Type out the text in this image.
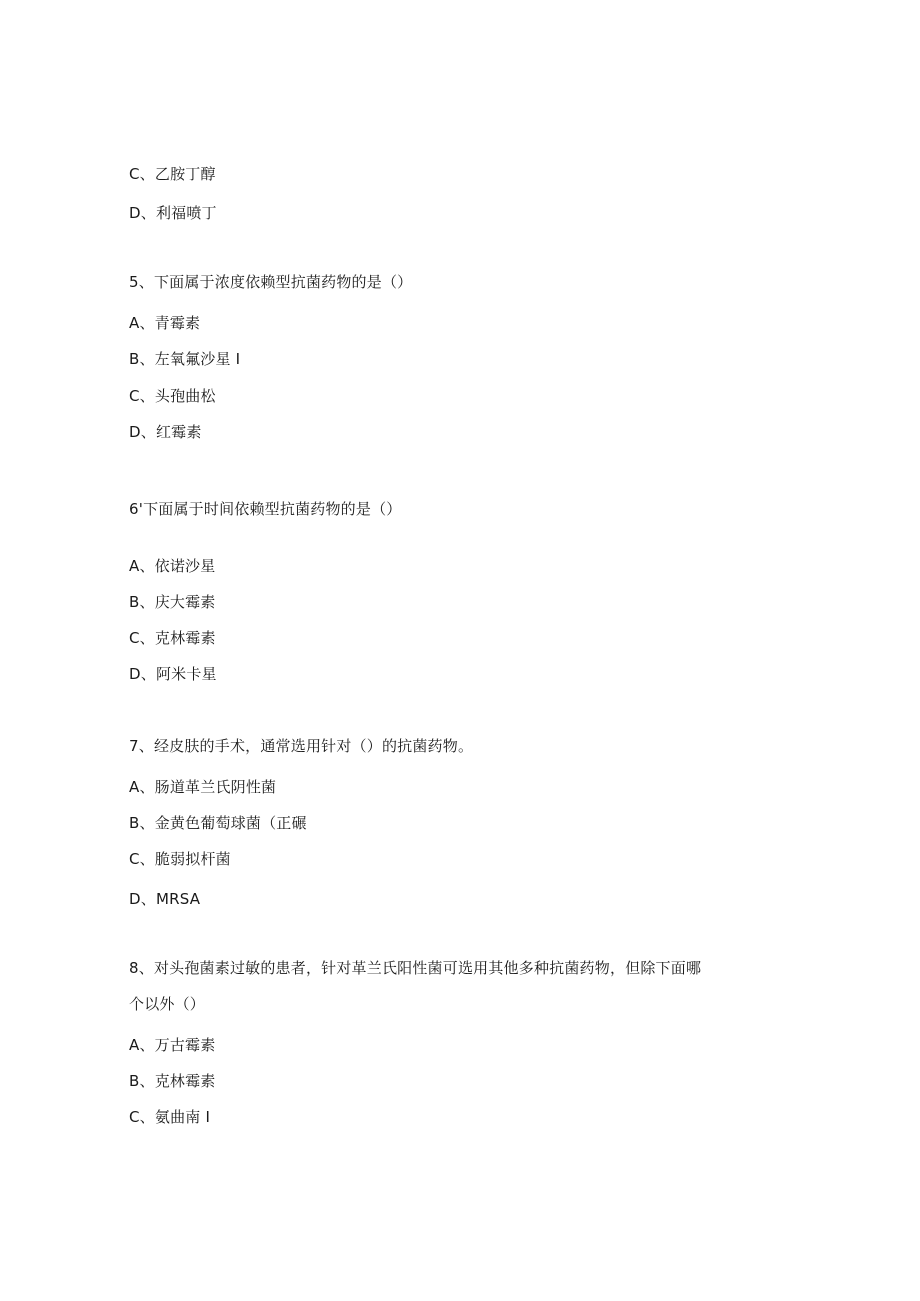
C、乙胺丁醇
D、利福喷丁
5、下面属于浓度依赖型抗菌药物的是（）
A、青霉素
B、左氧氟沙星 I
C、头孢曲松
D、红霉素
6'下面属于时间依赖型抗菌药物的是（）
A、依诺沙星
B、庆大霉素
C、克林霉素
D、阿米卡星
7、经皮肤的手术，通常选用针对（）的抗菌药物。
A、肠道革兰氏阴性菌
B、金黄色葡萄球菌（正碾
C、脆弱拟杆菌
D、MRSA
8、对头孢菌素过敏的患者，针对革兰氏阳性菌可选用其他多种抗菌药物，但除下面哪
个以外（）
A、万古霉素
B、克林霉素
C、氨曲南 I
